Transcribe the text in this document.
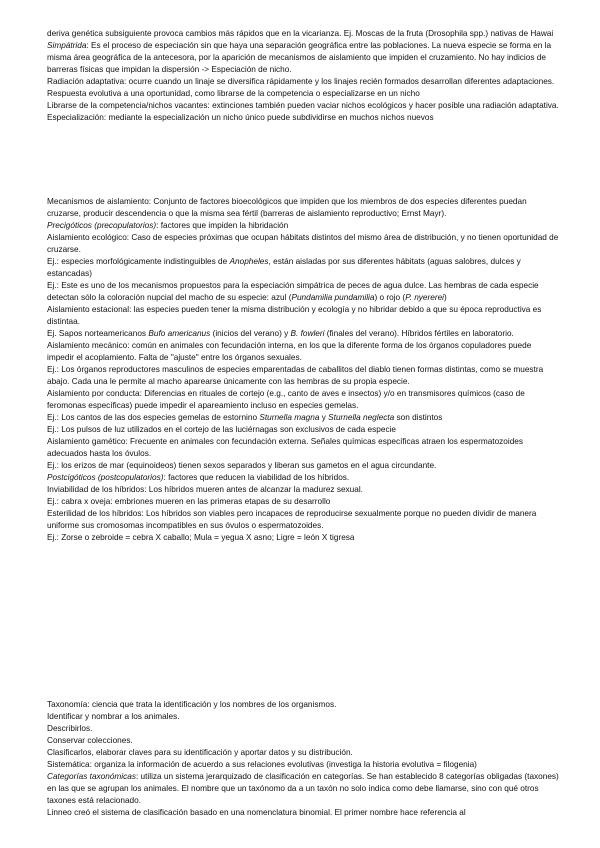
deriva genética subsiguiente provoca cambios más rápidos que en la vicarianza. Ej. Moscas de la fruta (Drosophila spp.) nativas de Hawai

Simpátrida: Es el proceso de especiación sin que haya una separación geográfica entre las poblaciones. La nueva especie se forma en la misma área geográfica de la antecesora, por la aparición de mecanismos de aislamiento que impiden el cruzamiento. No hay indicios de barreras físicas que impidan la dispersión -> Especiación de nicho.

Radiación adaptativa: ocurre cuando un linaje se diversifica rápidamente y los linajes recién formados desarrollan diferentes adaptaciones. Respuesta evolutiva a una oportunidad, como librarse de la competencia o especializarse en un nicho

Librarse de la competencia/nichos vacantes: extinciones también pueden vaciar nichos ecológicos y hacer posible una radiación adaptativa.

Especialización: mediante la especialización un nicho único puede subdividirse en muchos nichos nuevos

Mecanismos de aislamiento: Conjunto de factores bioecológicos que impiden que los miembros de dos especies diferentes puedan cruzarse, producir descendencia o que la misma sea fértil (barreras de aislamiento reproductivo; Ernst Mayr).

Precigóticos (precopulatorios): factores que impiden la hibridación

Aislamiento ecológico: Caso de especies próximas que ocupan hábitats distintos del mismo área de distribución, y no tienen oportunidad de cruzarse.

Ej.: especies morfológicamente indistinguibles de Anopheles, están aisladas por sus diferentes hábitats (aguas salobres, dulces y estancadas)

Ej.: Este es uno de los mecanismos propuestos para la especiación simpátrica de peces de agua dulce. Las hembras de cada especie detectan sólo la coloración nupcial del macho de su especie: azul (Pundamilia pundamilia) o rojo (P. nyererei)

Aislamiento estacional: las especies pueden tener la misma distribución y ecología y no hibridar debido a que su época reproductiva es distintaa.

Ej. Sapos norteamericanos Bufo americanus (inicios del verano) y B. fowleri (finales del verano). Híbridos fértiles en laboratorio.

Aislamiento mecánico: común en animales con fecundación interna, en los que la diferente forma de los órganos copuladores puede impedir el acoplamiento. Falta de "ajuste" entre los órganos sexuales.

Ej.: Los órganos reproductores masculinos de especies emparentadas de caballitos del diablo tienen formas distintas, como se muestra abajo. Cada una le permite al macho aparearse únicamente con las hembras de su propia especie.

Aislamiento por conducta: Diferencias en rituales de cortejo (e.g., canto de aves e insectos) y/o en transmisores químicos (caso de feromonas específicas) puede impedir el apareamiento incluso en especies gemelas.

Ej.: Los cantos de las dos especies gemelas de estornino Sturnella magna y Sturnella neglecta son distintos

Ej.: Los pulsos de luz utilizados en el cortejo de las luciérnagas son exclusivos de cada especie

Aislamiento gamético: Frecuente en animales con fecundación externa. Señales químicas específicas atraen los espermatozoides adecuados hasta los óvulos.

Ej.: los erizos de mar (equinoideos) tienen sexos separados y liberan sus gametos en el agua circundante.

Postcigóticos (postcopulatorios): factores que reducen la viabilidad de los híbridos.

Inviabilidad de los híbridos: Los híbridos mueren antes de alcanzar la madurez sexual.

Ej.: cabra x oveja: embriones mueren en las primeras etapas de su desarrollo

Esterilidad de los híbridos: Los híbridos son viables pero incapaces de reproducirse sexualmente porque no pueden dividir de manera uniforme sus cromosomas incompatibles en sus óvulos o espermatozoides.

Ej.: Zorse o zebroide = cebra X caballo; Mula = yegua X asno; Ligre = león X tigresa

Taxonomía: ciencia que trata la identificación y los nombres de los organismos.

Identificar y nombrar a los animales.

Describirlos.

Conservar colecciones.

Clasificarlos, elaborar claves para su identificación y aportar datos y su distribución.

Sistemática: organiza la información de acuerdo a sus relaciones evolutivas (investiga la historia evolutiva = filogenia)

Categorías taxonómicas: utiliza un sistema jerarquizado de clasificación en categorías. Se han establecido 8 categorías obligadas (taxones) en las que se agrupan los animales. El nombre que un taxónomo da a un taxón no solo indica como debe llamarse, sino con qué otros taxones está relacionado.

Linneo creó el sistema de clasificación basado en una nomenclatura binomial. El primer nombre hace referencia al
